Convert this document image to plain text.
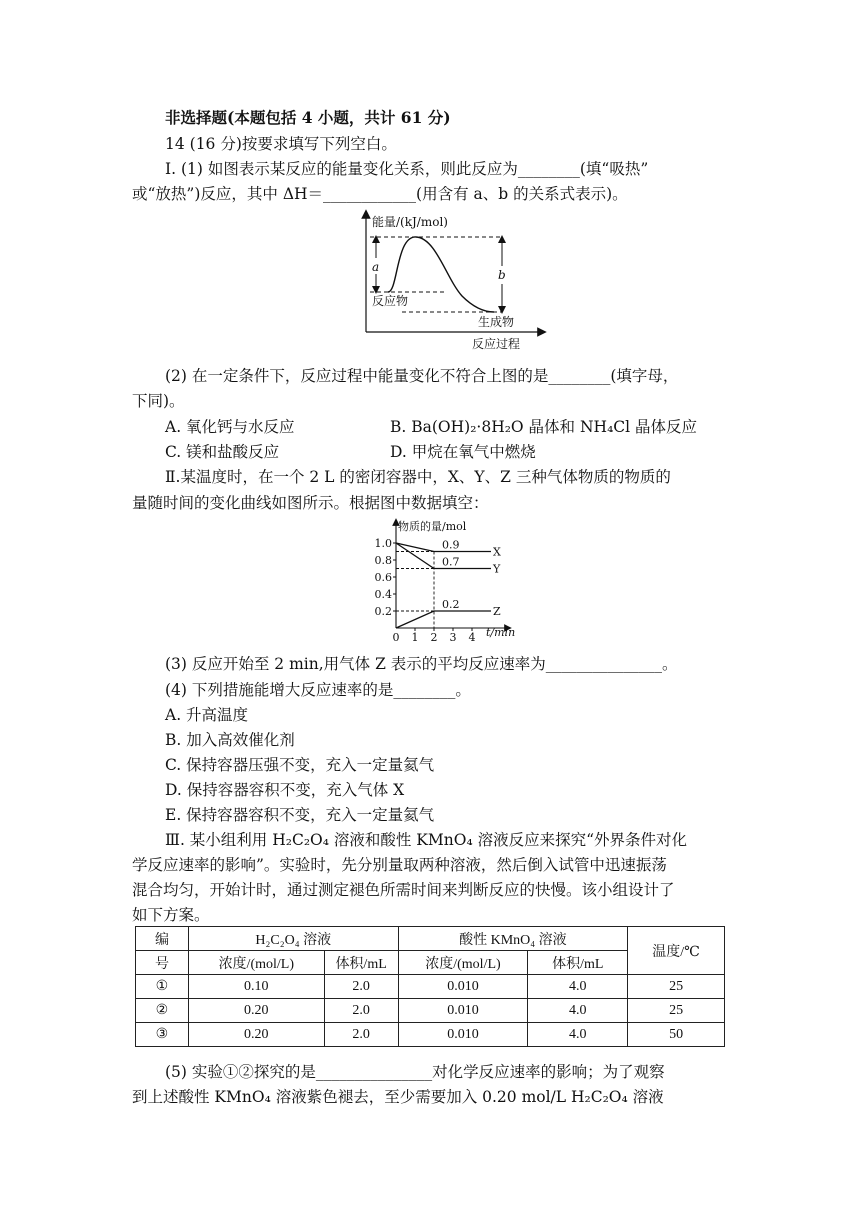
非选择题(本题包括 4 小题，共计 61 分)
14 (16 分)按要求填写下列空白。
Ⅰ. (1) 如图表示某反应的能量变化关系，则此反应为________(填“吸热”
或“放热”)反应，其中 ΔH＝____________(用含有 a、b 的关系式表示)。
a
b
能量/(kJ/mol)
反应物
生成物
反应过程
(2) 在一定条件下，反应过程中能量变化不符合上图的是________(填字母，
下同)。
A. 氧化钙与水反应	B. Ba(OH)₂·8H₂O 晶体和 NH₄Cl 晶体反应
C. 镁和盐酸反应	D. 甲烷在氧气中燃烧
Ⅱ.某温度时，在一个 2 L 的密闭容器中，X、Y、Z 三种气体物质的物质的
量随时间的变化曲线如图所示。根据图中数据填空：
物质的量/mol
t/min
0.2
0.4
0.6
0.8
1.0
0 1 2 3 4
0.9
X
0.7
Y
0.2
Z
(3) 反应开始至 2 min,用气体 Z 表示的平均反应速率为_______________。
(4) 下列措施能增大反应速率的是________。
A. 升高温度
B. 加入高效催化剂
C. 保持容器压强不变，充入一定量氦气
D. 保持容器容积不变，充入气体 X
E. 保持容器容积不变，充入一定量氦气
Ⅲ. 某小组利用 H₂C₂O₄ 溶液和酸性 KMnO₄ 溶液反应来探究“外界条件对化
学反应速率的影响”。实验时，先分别量取两种溶液，然后倒入试管中迅速振荡
混合均匀，开始计时，通过测定褪色所需时间来判断反应的快慢。该小组设计了
如下方案。
编	H₂C₂O₄ 溶液		酸性 KMnO₄ 溶液		温度/℃
号	浓度/(mol/L)	体积/mL	浓度/(mol/L)	体积/mL	
①	0.10	2.0	0.010	4.0	25
②	0.20	2.0	0.010	4.0	25
③	0.20	2.0	0.010	4.0	50
(5) 实验①②探究的是_______________对化学反应速率的影响；为了观察
到上述酸性 KMnO₄ 溶液紫色褪去，至少需要加入 0.20 mol/L H₂C₂O₄ 溶液
